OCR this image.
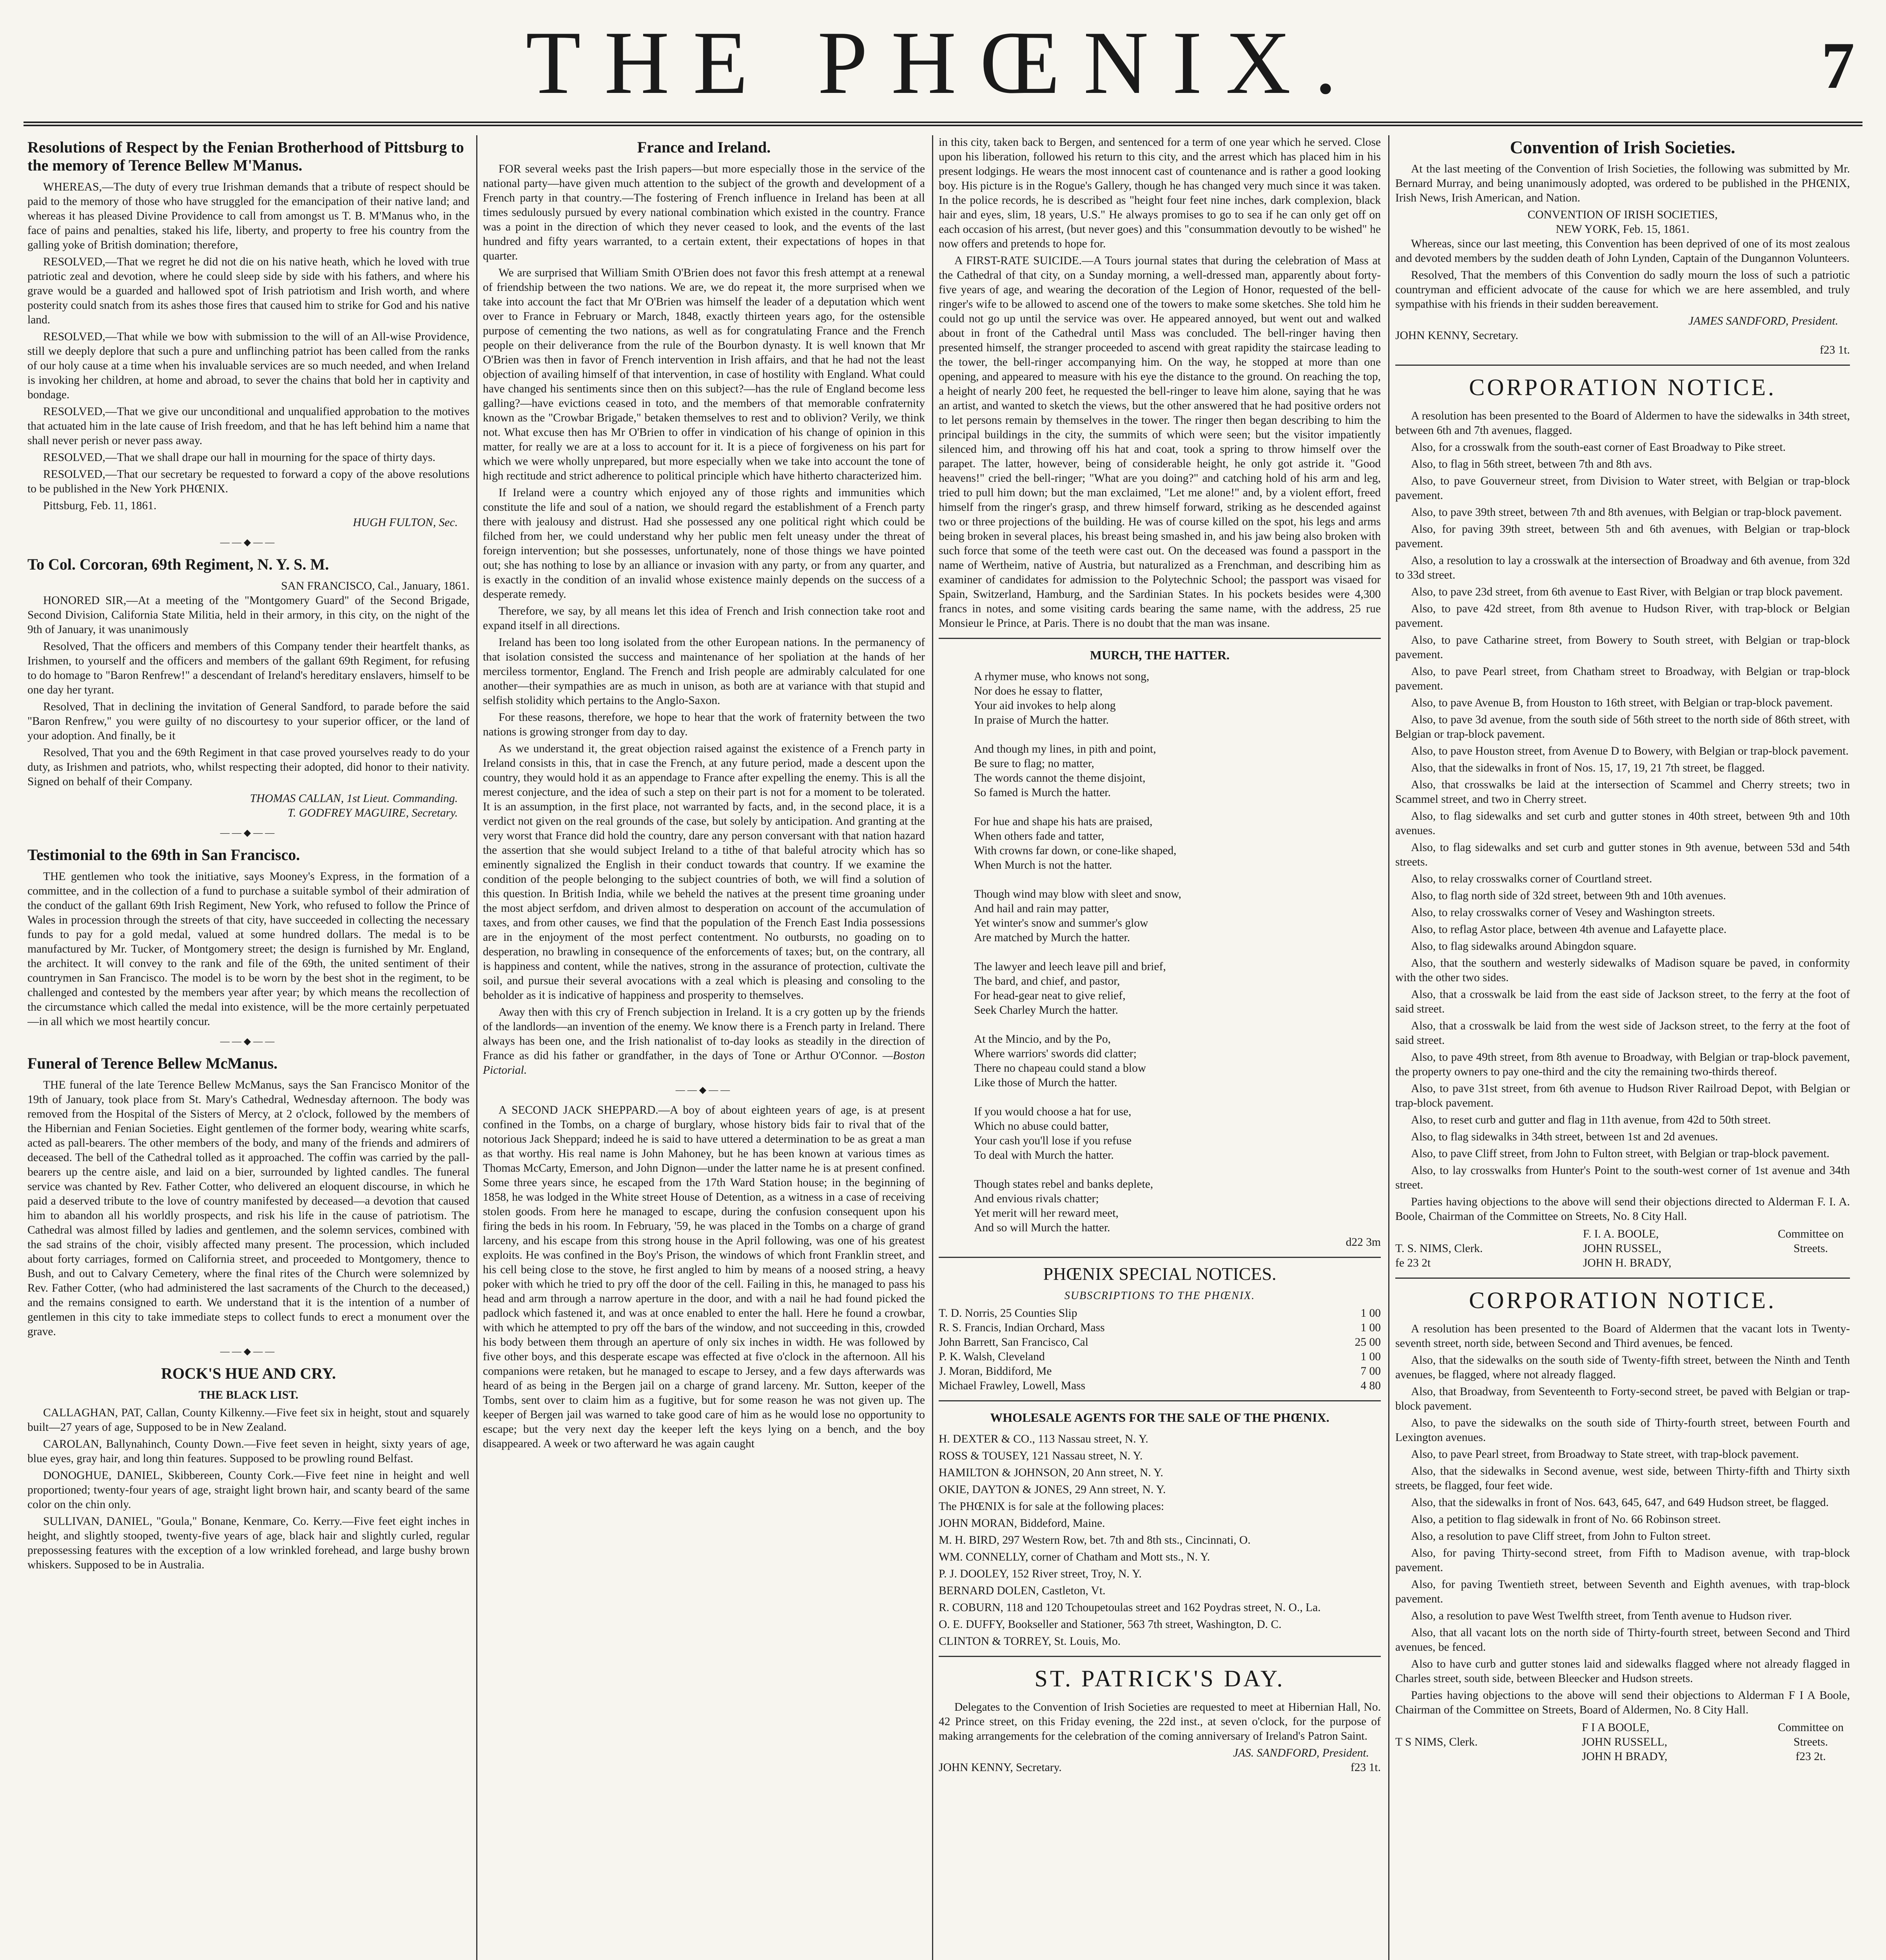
THE PHŒNIX.	7
Resolutions of Respect by the Fenian Brotherhood of Pittsburg to the memory of Terence Bellew M'Manus.

WHEREAS,—The duty of every true Irishman demands that a tribute of respect should be paid to the memory of those who have struggled for the emancipation of their native land; and whereas it has pleased Divine Providence to call from amongst us T. B. M'Manus who, in the face of pains and penalties, staked his life, liberty, and property to free his country from the galling yoke of British domination; therefore,

RESOLVED,—That we regret he did not die on his native heath, which he loved with true patriotic zeal and devotion, where he could sleep side by side with his fathers, and where his grave would be a guarded and hallowed spot of Irish patriotism and Irish worth, and where posterity could snatch from its ashes those fires that caused him to strike for God and his native land.

RESOLVED,—That while we bow with submission to the will of an All-wise Providence, still we deeply deplore that such a pure and unflinching patriot has been called from the ranks of our holy cause at a time when his invaluable services are so much needed, and when Ireland is invoking her children, at home and abroad, to sever the chains that bold her in captivity and bondage.

RESOLVED,—That we give our unconditional and unqualified approbation to the motives that actuated him in the late cause of Irish freedom, and that he has left behind him a name that shall never perish or never pass away.

RESOLVED,—That we shall drape our hall in mourning for the space of thirty days.

RESOLVED,—That our secretary be requested to forward a copy of the above resolutions to be published in the New York PHŒNIX.

Pittsburg, Feb. 11, 1861.

HUGH FULTON, Sec.
——◆——
To Col. Corcoran, 69th Regiment, N. Y. S. M.
SAN FRANCISCO, Cal., January, 1861.

HONORED SIR,—At a meeting of the "Montgomery Guard" of the Second Brigade, Second Division, California State Militia, held in their armory, in this city, on the night of the 9th of January, it was unanimously

Resolved, That the officers and members of this Company tender their heartfelt thanks, as Irishmen, to yourself and the officers and members of the gallant 69th Regiment, for refusing to do homage to "Baron Renfrew!" a descendant of Ireland's hereditary enslavers, himself to be one day her tyrant.

Resolved, That in declining the invitation of General Sandford, to parade before the said "Baron Renfrew," you were guilty of no discourtesy to your superior officer, or the land of your adoption. And finally, be it

Resolved, That you and the 69th Regiment in that case proved yourselves ready to do your duty, as Irishmen and patriots, who, whilst respecting their adopted, did honor to their nativity. Signed on behalf of their Company.

THOMAS CALLAN, 1st Lieut. Commanding.
T. GODFREY MAGUIRE, Secretary.
——◆——
Testimonial to the 69th in San Francisco.

THE gentlemen who took the initiative, says Mooney's Express, in the formation of a committee, and in the collection of a fund to purchase a suitable symbol of their admiration of the conduct of the gallant 69th Irish Regiment, New York, who refused to follow the Prince of Wales in procession through the streets of that city, have succeeded in collecting the necessary funds to pay for a gold medal, valued at some hundred dollars. The medal is to be manufactured by Mr. Tucker, of Montgomery street; the design is furnished by Mr. England, the architect. It will convey to the rank and file of the 69th, the united sentiment of their countrymen in San Francisco. The model is to be worn by the best shot in the regiment, to be challenged and contested by the members year after year; by which means the recollection of the circumstance which called the medal into existence, will be the more certainly perpetuated—in all which we most heartily concur.

——◆——
Funeral of Terence Bellew McManus.

THE funeral of the late Terence Bellew McManus, says the San Francisco Monitor of the 19th of January, took place from St. Mary's Cathedral, Wednesday afternoon. The body was removed from the Hospital of the Sisters of Mercy, at 2 o'clock, followed by the members of the Hibernian and Fenian Societies. Eight gentlemen of the former body, wearing white scarfs, acted as pall-bearers. The other members of the body, and many of the friends and admirers of deceased. The bell of the Cathedral tolled as it approached. The coffin was carried by the pall-bearers up the centre aisle, and laid on a bier, surrounded by lighted candles. The funeral service was chanted by Rev. Father Cotter, who delivered an eloquent discourse, in which he paid a deserved tribute to the love of country manifested by deceased—a devotion that caused him to abandon all his worldly prospects, and risk his life in the cause of patriotism. The Cathedral was almost filled by ladies and gentlemen, and the solemn services, combined with the sad strains of the choir, visibly affected many present. The procession, which included about forty carriages, formed on California street, and proceeded to Montgomery, thence to Bush, and out to Calvary Cemetery, where the final rites of the Church were solemnized by Rev. Father Cotter, (who had administered the last sacraments of the Church to the deceased,) and the remains consigned to earth. We understand that it is the intention of a number of gentlemen in this city to take immediate steps to collect funds to erect a monument over the grave.

——◆——
ROCK'S HUE AND CRY.
THE BLACK LIST.

CALLAGHAN, PAT, Callan, County Kilkenny.—Five feet six in height, stout and squarely built—27 years of age, Supposed to be in New Zealand.

CAROLAN, Ballynahinch, County Down.—Five feet seven in height, sixty years of age, blue eyes, gray hair, and long thin features. Supposed to be prowling round Belfast.

DONOGHUE, DANIEL, Skibbereen, County Cork.—Five feet nine in height and well proportioned; twenty-four years of age, straight light brown hair, and scanty beard of the same color on the chin only.

SULLIVAN, DANIEL, "Goula," Bonane, Kenmare, Co. Kerry.—Five feet eight inches in height, and slightly stooped, twenty-five years of age, black hair and slightly curled, regular prepossessing features with the exception of a low wrinkled forehead, and large bushy brown whiskers. Supposed to be in Australia.

France and Ireland.

FOR several weeks past the Irish papers—but more especially those in the service of the national party—have given much attention to the subject of the growth and development of a French party in that country.—The fostering of French influence in Ireland has been at all times sedulously pursued by every national combination which existed in the country. France was a point in the direction of which they never ceased to look, and the events of the last hundred and fifty years warranted, to a certain extent, their expectations of hopes in that quarter.

We are surprised that William Smith O'Brien does not favor this fresh attempt at a renewal of friendship between the two nations. We are, we do repeat it, the more surprised when we take into account the fact that Mr O'Brien was himself the leader of a deputation which went over to France in February or March, 1848, exactly thirteen years ago, for the ostensible purpose of cementing the two nations, as well as for congratulating France and the French people on their deliverance from the rule of the Bourbon dynasty. It is well known that Mr O'Brien was then in favor of French intervention in Irish affairs, and that he had not the least objection of availing himself of that intervention, in case of hostility with England. What could have changed his sentiments since then on this subject?—has the rule of England become less galling?—have evictions ceased in toto, and the members of that memorable confraternity known as the "Crowbar Brigade," betaken themselves to rest and to oblivion? Verily, we think not. What excuse then has Mr O'Brien to offer in vindication of his change of opinion in this matter, for really we are at a loss to account for it. It is a piece of forgiveness on his part for which we were wholly unprepared, but more especially when we take into account the tone of high rectitude and strict adherence to political principle which have hitherto characterized him.

If Ireland were a country which enjoyed any of those rights and immunities which constitute the life and soul of a nation, we should regard the establishment of a French party there with jealousy and distrust. Had she possessed any one political right which could be filched from her, we could understand why her public men felt uneasy under the threat of foreign intervention; but she possesses, unfortunately, none of those things we have pointed out; she has nothing to lose by an alliance or invasion with any party, or from any quarter, and is exactly in the condition of an invalid whose existence mainly depends on the success of a desperate remedy.

Therefore, we say, by all means let this idea of French and Irish connection take root and expand itself in all directions.

Ireland has been too long isolated from the other European nations. In the permanency of that isolation consisted the success and maintenance of her spoliation at the hands of her merciless tormentor, England. The French and Irish people are admirably calculated for one another—their sympathies are as much in unison, as both are at variance with that stupid and selfish stolidity which pertains to the Anglo-Saxon.

For these reasons, therefore, we hope to hear that the work of fraternity between the two nations is growing stronger from day to day.

As we understand it, the great objection raised against the existence of a French party in Ireland consists in this, that in case the French, at any future period, made a descent upon the country, they would hold it as an appendage to France after expelling the enemy. This is all the merest conjecture, and the idea of such a step on their part is not for a moment to be tolerated. It is an assumption, in the first place, not warranted by facts, and, in the second place, it is a verdict not given on the real grounds of the case, but solely by anticipation. And granting at the very worst that France did hold the country, dare any person conversant with that nation hazard the assertion that she would subject Ireland to a tithe of that baleful atrocity which has so eminently signalized the English in their conduct towards that country. If we examine the condition of the people belonging to the subject countries of both, we will find a solution of this question. In British India, while we beheld the natives at the present time groaning under the most abject serfdom, and driven almost to desperation on account of the accumulation of taxes, and from other causes, we find that the population of the French East India possessions are in the enjoyment of the most perfect contentment. No outbursts, no goading on to desperation, no brawling in consequence of the enforcements of taxes; but, on the contrary, all is happiness and content, while the natives, strong in the assurance of protection, cultivate the soil, and pursue their several avocations with a zeal which is pleasing and consoling to the beholder as it is indicative of happiness and prosperity to themselves.

Away then with this cry of French subjection in Ireland. It is a cry gotten up by the friends of the landlords—an invention of the enemy. We know there is a French party in Ireland. There always has been one, and the Irish nationalist of to-day looks as steadily in the direction of France as did his father or grandfather, in the days of Tone or Arthur O'Connor. —Boston Pictorial.

——◆——

A SECOND JACK SHEPPARD.—A boy of about eighteen years of age, is at present confined in the Tombs, on a charge of burglary, whose history bids fair to rival that of the notorious Jack Sheppard; indeed he is said to have uttered a determination to be as great a man as that worthy. His real name is John Mahoney, but he has been known at various times as Thomas McCarty, Emerson, and John Dignon—under the latter name he is at present confined. Some three years since, he escaped from the 17th Ward Station house; in the beginning of 1858, he was lodged in the White street House of Detention, as a witness in a case of receiving stolen goods. From here he managed to escape, during the confusion consequent upon his firing the beds in his room. In February, '59, he was placed in the Tombs on a charge of grand larceny, and his escape from this strong house in the April following, was one of his greatest exploits. He was confined in the Boy's Prison, the windows of which front Franklin street, and his cell being close to the stove, he first angled to him by means of a noosed string, a heavy poker with which he tried to pry off the door of the cell. Failing in this, he managed to pass his head and arm through a narrow aperture in the door, and with a nail he had found picked the padlock which fastened it, and was at once enabled to enter the hall. Here he found a crowbar, with which he attempted to pry off the bars of the window, and not succeeding in this, crowded his body between them through an aperture of only six inches in width. He was followed by five other boys, and this desperate escape was effected at five o'clock in the afternoon. All his companions were retaken, but he managed to escape to Jersey, and a few days afterwards was heard of as being in the Bergen jail on a charge of grand larceny. Mr. Sutton, keeper of the Tombs, sent over to claim him as a fugitive, but for some reason he was not given up. The keeper of Bergen jail was warned to take good care of him as he would lose no opportunity to escape; but the very next day the keeper left the keys lying on a bench, and the boy disappeared. A week or two afterward he was again caught

in this city, taken back to Bergen, and sentenced for a term of one year which he served. Close upon his liberation, followed his return to this city, and the arrest which has placed him in his present lodgings. He wears the most innocent cast of countenance and is rather a good looking boy. His picture is in the Rogue's Gallery, though he has changed very much since it was taken. In the police records, he is described as "height four feet nine inches, dark complexion, black hair and eyes, slim, 18 years, U.S." He always promises to go to sea if he can only get off on each occasion of his arrest, (but never goes) and this "consummation devoutly to be wished" he now offers and pretends to hope for.

A FIRST-RATE SUICIDE.—A Tours journal states that during the celebration of Mass at the Cathedral of that city, on a Sunday morning, a well-dressed man, apparently about forty-five years of age, and wearing the decoration of the Legion of Honor, requested of the bell-ringer's wife to be allowed to ascend one of the towers to make some sketches. She told him he could not go up until the service was over. He appeared annoyed, but went out and walked about in front of the Cathedral until Mass was concluded. The bell-ringer having then presented himself, the stranger proceeded to ascend with great rapidity the staircase leading to the tower, the bell-ringer accompanying him. On the way, he stopped at more than one opening, and appeared to measure with his eye the distance to the ground. On reaching the top, a height of nearly 200 feet, he requested the bell-ringer to leave him alone, saying that he was an artist, and wanted to sketch the views, but the other answered that he had positive orders not to let persons remain by themselves in the tower. The ringer then began describing to him the principal buildings in the city, the summits of which were seen; but the visitor impatiently silenced him, and throwing off his hat and coat, took a spring to throw himself over the parapet. The latter, however, being of considerable height, he only got astride it. "Good heavens!" cried the bell-ringer; "What are you doing?" and catching hold of his arm and leg, tried to pull him down; but the man exclaimed, "Let me alone!" and, by a violent effort, freed himself from the ringer's grasp, and threw himself forward, striking as he descended against two or three projections of the building. He was of course killed on the spot, his legs and arms being broken in several places, his breast being smashed in, and his jaw being also broken with such force that some of the teeth were cast out. On the deceased was found a passport in the name of Wertheim, native of Austria, but naturalized as a Frenchman, and describing him as examiner of candidates for admission to the Polytechnic School; the passport was visaed for Spain, Switzerland, Hamburg, and the Sardinian States. In his pockets besides were 4,300 francs in notes, and some visiting cards bearing the same name, with the address, 25 rue Monsieur le Prince, at Paris. There is no doubt that the man was insane.

MURCH, THE HATTER.
A rhymer muse, who knows not song,
Nor does he essay to flatter,
Your aid invokes to help along
In praise of Murch the hatter.

And though my lines, in pith and point,
Be sure to flag; no matter,
The words cannot the theme disjoint,
So famed is Murch the hatter.

For hue and shape his hats are praised,
When others fade and tatter,
With crowns far down, or cone-like shaped,
When Murch is not the hatter.

Though wind may blow with sleet and snow,
And hail and rain may patter,
Yet winter's snow and summer's glow
Are matched by Murch the hatter.

The lawyer and leech leave pill and brief,
The bard, and chief, and pastor,
For head-gear neat to give relief,
Seek Charley Murch the hatter.

At the Mincio, and by the Po,
Where warriors' swords did clatter;
There no chapeau could stand a blow
Like those of Murch the hatter.

If you would choose a hat for use,
Which no abuse could batter,
Your cash you'll lose if you refuse
To deal with Murch the hatter.

Though states rebel and banks deplete,
And envious rivals chatter;
Yet merit will her reward meet,
And so will Murch the hatter.
d22 3m
PHŒNIX SPECIAL NOTICES.
SUBSCRIPTIONS TO THE PHŒNIX.
T. D. Norris, 25 Counties Slip	1 00
R. S. Francis, Indian Orchard, Mass	1 00
John Barrett, San Francisco, Cal	25 00
P. K. Walsh, Cleveland	1 00
J. Moran, Biddiford, Me	7 00
Michael Frawley, Lowell, Mass	4 80
WHOLESALE AGENTS FOR THE SALE OF THE PHŒNIX.

H. DEXTER & CO., 113 Nassau street, N. Y.

ROSS & TOUSEY, 121 Nassau street, N. Y.

HAMILTON & JOHNSON, 20 Ann street, N. Y.

OKIE, DAYTON & JONES, 29 Ann street, N. Y.

The PHŒNIX is for sale at the following places:

JOHN MORAN, Biddeford, Maine.

M. H. BIRD, 297 Western Row, bet. 7th and 8th sts., Cincinnati, O.

WM. CONNELLY, corner of Chatham and Mott sts., N. Y.

P. J. DOOLEY, 152 River street, Troy, N. Y.

BERNARD DOLEN, Castleton, Vt.

R. COBURN, 118 and 120 Tchoupetoulas street and 162 Poydras street, N. O., La.

O. E. DUFFY, Bookseller and Stationer, 563 7th street, Washington, D. C.

CLINTON & TORREY, St. Louis, Mo.

ST. PATRICK'S DAY.

Delegates to the Convention of Irish Societies are requested to meet at Hibernian Hall, No. 42 Prince street, on this Friday evening, the 22d inst., at seven o'clock, for the purpose of making arrangements for the celebration of the coming anniversary of Ireland's Patron Saint.

JAS. SANDFORD, President.
JOHN KENNY, Secretary.	f23 1t.
Convention of Irish Societies.

At the last meeting of the Convention of Irish Societies, the following was submitted by Mr. Bernard Murray, and being unanimously adopted, was ordered to be published in the PHŒNIX, Irish News, Irish American, and Nation.

CONVENTION OF IRISH SOCIETIES,
NEW YORK, Feb. 15, 1861.

Whereas, since our last meeting, this Convention has been deprived of one of its most zealous and devoted members by the sudden death of John Lynden, Captain of the Dungannon Volunteers.

Resolved, That the members of this Convention do sadly mourn the loss of such a patriotic countryman and efficient advocate of the cause for which we are here assembled, and truly sympathise with his friends in their sudden bereavement.

JAMES SANDFORD, President.
JOHN KENNY, Secretary.
f23 1t.
CORPORATION NOTICE.

A resolution has been presented to the Board of Aldermen to have the sidewalks in 34th street, between 6th and 7th avenues, flagged.

Also, for a crosswalk from the south-east corner of East Broadway to Pike street.

Also, to flag in 56th street, between 7th and 8th avs.

Also, to pave Gouverneur street, from Division to Water street, with Belgian or trap-block pavement.

Also, to pave 39th street, between 7th and 8th avenues, with Belgian or trap-block pavement.

Also, for paving 39th street, between 5th and 6th avenues, with Belgian or trap-block pavement.

Also, a resolution to lay a crosswalk at the intersection of Broadway and 6th avenue, from 32d to 33d street.

Also, to pave 23d street, from 6th avenue to East River, with Belgian or trap block pavement.

Also, to pave 42d street, from 8th avenue to Hudson River, with trap-block or Belgian pavement.

Also, to pave Catharine street, from Bowery to South street, with Belgian or trap-block pavement.

Also, to pave Pearl street, from Chatham street to Broadway, with Belgian or trap-block pavement.

Also, to pave Avenue B, from Houston to 16th street, with Belgian or trap-block pavement.

Also, to pave 3d avenue, from the south side of 56th street to the north side of 86th street, with Belgian or trap-block pavement.

Also, to pave Houston street, from Avenue D to Bowery, with Belgian or trap-block pavement.

Also, that the sidewalks in front of Nos. 15, 17, 19, 21 7th street, be flagged.

Also, that crosswalks be laid at the intersection of Scammel and Cherry streets; two in Scammel street, and two in Cherry street.

Also, to flag sidewalks and set curb and gutter stones in 40th street, between 9th and 10th avenues.

Also, to flag sidewalks and set curb and gutter stones in 9th avenue, between 53d and 54th streets.

Also, to relay crosswalks corner of Courtland street.

Also, to flag north side of 32d street, between 9th and 10th avenues.

Also, to relay crosswalks corner of Vesey and Washington streets.

Also, to reflag Astor place, between 4th avenue and Lafayette place.

Also, to flag sidewalks around Abingdon square.

Also, that the southern and westerly sidewalks of Madison square be paved, in conformity with the other two sides.

Also, that a crosswalk be laid from the east side of Jackson street, to the ferry at the foot of said street.

Also, that a crosswalk be laid from the west side of Jackson street, to the ferry at the foot of said street.

Also, to pave 49th street, from 8th avenue to Broadway, with Belgian or trap-block pavement, the property owners to pay one-third and the city the remaining two-thirds thereof.

Also, to pave 31st street, from 6th avenue to Hudson River Railroad Depot, with Belgian or trap-block pavement.

Also, to reset curb and gutter and flag in 11th avenue, from 42d to 50th street.

Also, to flag sidewalks in 34th street, between 1st and 2d avenues.

Also, to pave Cliff street, from John to Fulton street, with Belgian or trap-block pavement.

Also, to lay crosswalks from Hunter's Point to the south-west corner of 1st avenue and 34th street.

Parties having objections to the above will send their objections directed to Alderman F. I. A. Boole, Chairman of the Committee on Streets, No. 8 City Hall.

T. S. NIMS, Clerk.
fe 23 2t
F. I. A. BOOLE,
JOHN RUSSEL,
JOHN H. BRADY,
Committee on Streets.
CORPORATION NOTICE.

A resolution has been presented to the Board of Aldermen that the vacant lots in Twenty-seventh street, north side, between Second and Third avenues, be fenced.

Also, that the sidewalks on the south side of Twenty-fifth street, between the Ninth and Tenth avenues, be flagged, where not already flagged.

Also, that Broadway, from Seventeenth to Forty-second street, be paved with Belgian or trap-block pavement.

Also, to pave the sidewalks on the south side of Thirty-fourth street, between Fourth and Lexington avenues.

Also, to pave Pearl street, from Broadway to State street, with trap-block pavement.

Also, that the sidewalks in Second avenue, west side, between Thirty-fifth and Thirty sixth streets, be flagged, four feet wide.

Also, that the sidewalks in front of Nos. 643, 645, 647, and 649 Hudson street, be flagged.

Also, a petition to flag sidewalk in front of No. 66 Robinson street.

Also, a resolution to pave Cliff street, from John to Fulton street.

Also, for paving Thirty-second street, from Fifth to Madison avenue, with trap-block pavement.

Also, for paving Twentieth street, between Seventh and Eighth avenues, with trap-block pavement.

Also, a resolution to pave West Twelfth street, from Tenth avenue to Hudson river.

Also, that all vacant lots on the north side of Thirty-fourth street, between Second and Third avenues, be fenced.

Also to have curb and gutter stones laid and sidewalks flagged where not already flagged in Charles street, south side, between Bleecker and Hudson streets.

Parties having objections to the above will send their objections to Alderman F I A Boole, Chairman of the Committee on Streets, Board of Aldermen, No. 8 City Hall.

T S NIMS, Clerk.
F I A BOOLE,
JOHN RUSSELL,
JOHN H BRADY,
Committee on Streets.
f23 2t.
